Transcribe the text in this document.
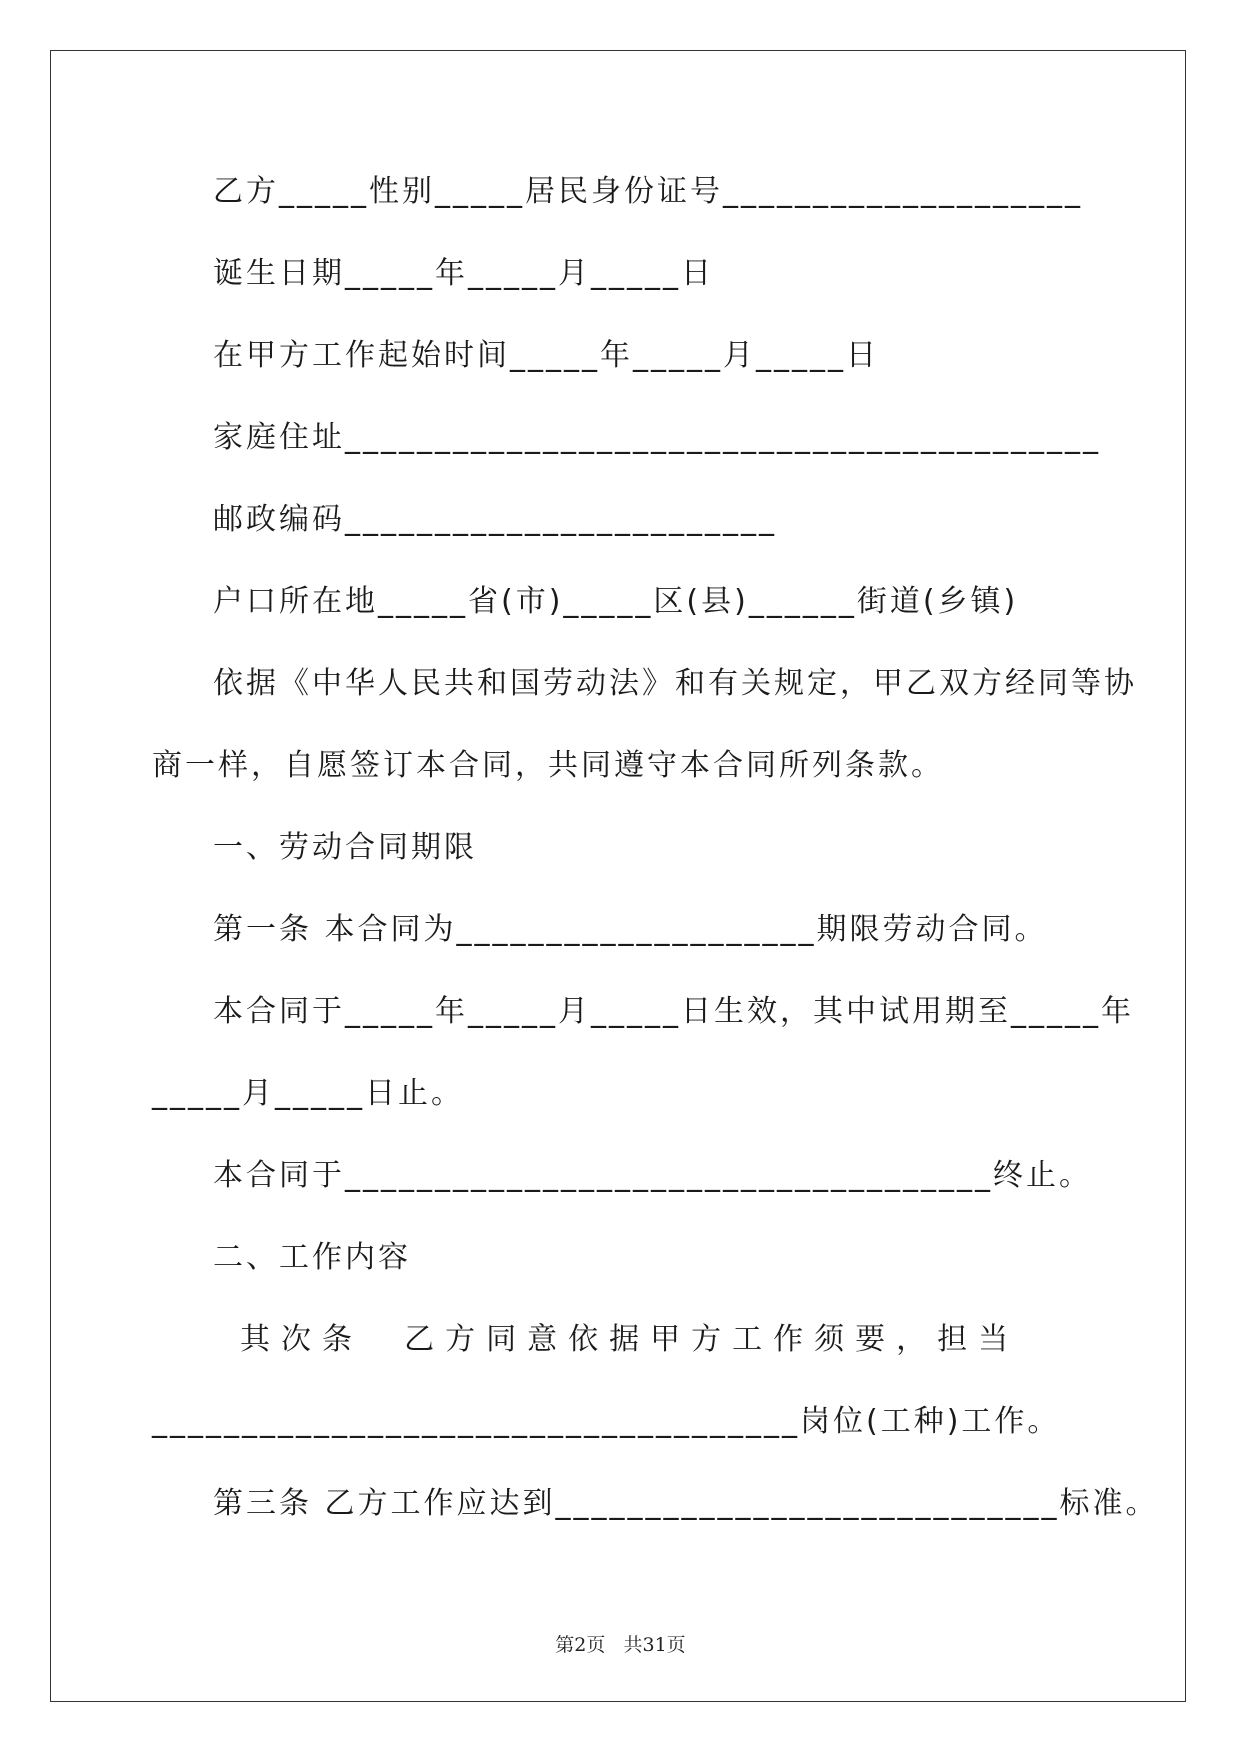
乙方_____性别_____居民身份证号____________________
诞生日期_____年_____月_____日
在甲方工作起始时间_____年_____月_____日
家庭住址__________________________________________
邮政编码________________________
户口所在地_____省(市)_____区(县)______街道(乡镇)
依据《中华人民共和国劳动法》和有关规定，甲乙双方经同等协
商一样，自愿签订本合同，共同遵守本合同所列条款。
一、劳动合同期限
第一条 本合同为____________________期限劳动合同。
本合同于_____年_____月_____日生效，其中试用期至_____年
_____月_____日止。
本合同于____________________________________终止。
二、工作内容
其次条  乙方同意依据甲方工作须要，担当
____________________________________岗位(工种)工作。
第三条 乙方工作应达到____________________________标准。
第2页   共31页
